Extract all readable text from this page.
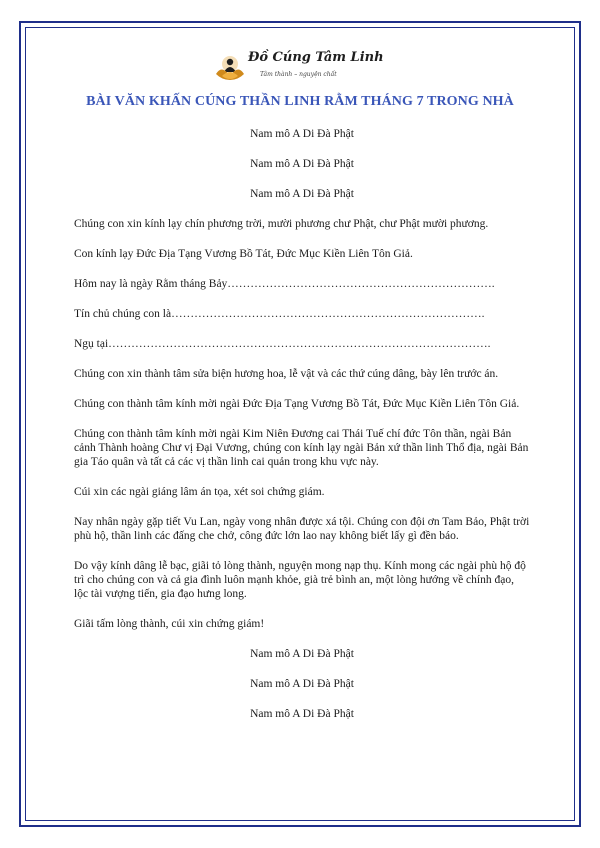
Đồ Cúng Tâm Linh
Tâm thành – nguyện chất
BÀI VĂN KHẤN CÚNG THẦN LINH RẰM THÁNG 7 TRONG NHÀ

Nam mô A Di Đà Phật

Nam mô A Di Đà Phật

Nam mô A Di Đà Phật

Chúng con xin kính lạy chín phương trời, mười phương chư Phật, chư Phật mười phương.

Con kính lạy Đức Địa Tạng Vương Bồ Tát, Đức Mục Kiền Liên Tôn Giả.

Hôm nay là ngày Rằm tháng Bảy…………………………………………………………….

Tín chủ chúng con là……………………………………………………………………….

Ngụ tại……………………………………………………………………………………….

Chúng con xin thành tâm sửa biện hương hoa, lễ vật và các thứ cúng dâng, bày lên trước án.

Chúng con thành tâm kính mời ngài Đức Địa Tạng Vương Bồ Tát, Đức Mục Kiền Liên Tôn Giả.

Chúng con thành tâm kính mời ngài Kim Niên Đương cai Thái Tuế chí đức Tôn thần, ngài Bản cảnh Thành hoàng Chư vị Đại Vương, chúng con kính lạy ngài Bản xứ thần linh Thổ địa, ngài Bản gia Táo quân và tất cả các vị thần linh cai quản trong khu vực này.

Cúi xin các ngài giáng lâm án tọa, xét soi chứng giám.

Nay nhân ngày gặp tiết Vu Lan, ngày vong nhân được xá tội. Chúng con đội ơn Tam Bảo, Phật trời phù hộ, thần linh các đấng che chở, công đức lớn lao nay không biết lấy gì đền báo.

Do vậy kính dâng lễ bạc, giãi tỏ lòng thành, nguyện mong nạp thụ. Kính mong các ngài phù hộ độ trì cho chúng con và cả gia đình luôn mạnh khỏe, già trẻ bình an, một lòng hướng về chính đạo, lộc tài vượng tiến, gia đạo hưng long.

Giãi tấm lòng thành, cúi xin chứng giám!

Nam mô A Di Đà Phật

Nam mô A Di Đà Phật

Nam mô A Di Đà Phật
